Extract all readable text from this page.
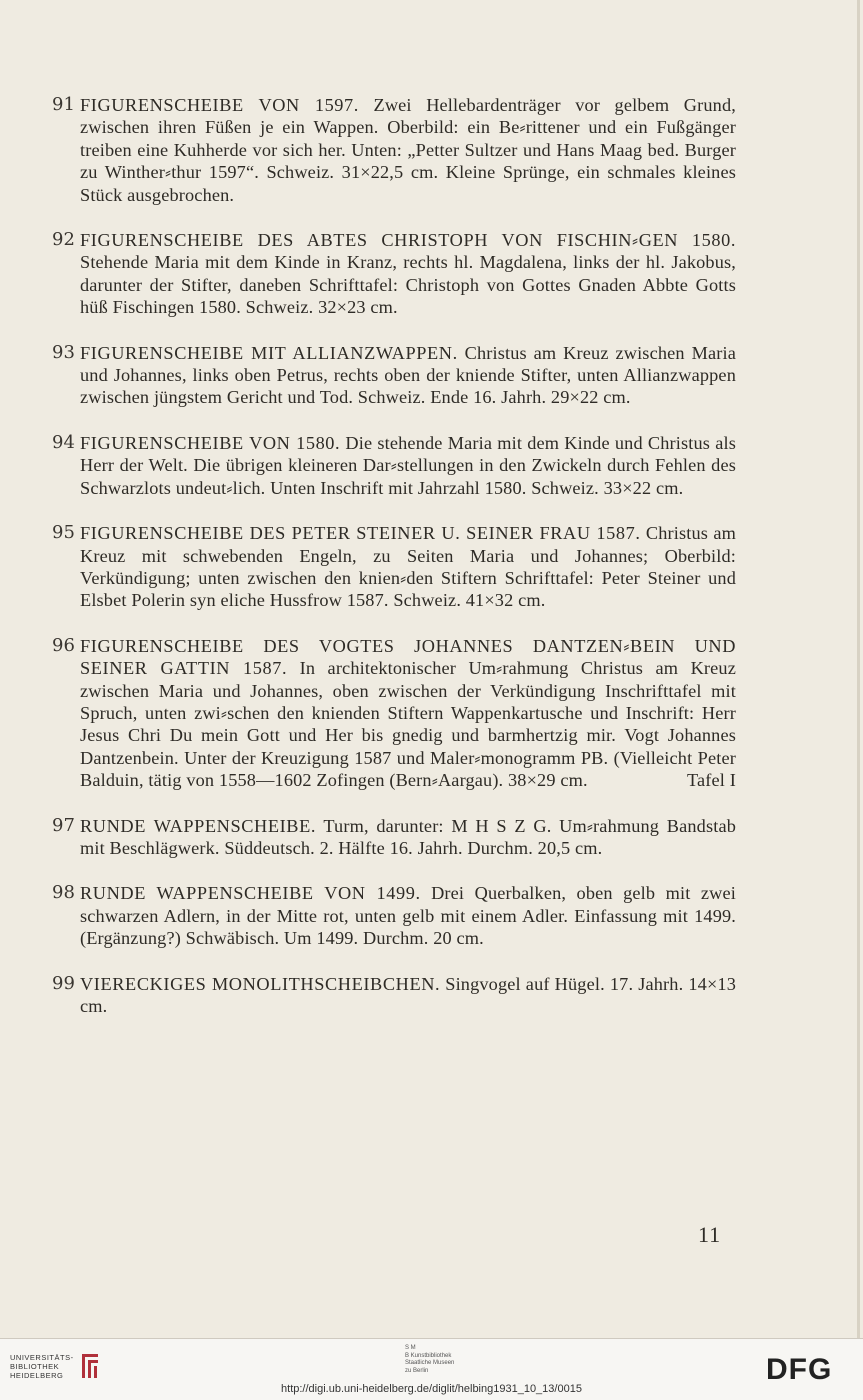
91 FIGURENSCHEIBE VON 1597. Zwei Hellebardenträger vor gelbem Grund, zwischen ihren Füßen je ein Wappen. Oberbild: ein Be⸗rittener und ein Fußgänger treiben eine Kuhherde vor sich her. Unten: „Petter Sultzer und Hans Maag bed. Burger zu Winther⸗thur 1597“. Schweiz. 31×22,5 cm. Kleine Sprünge, ein schmales kleines Stück ausgebrochen.
92 FIGURENSCHEIBE DES ABTES CHRISTOPH VON FISCHIN⸗GEN 1580. Stehende Maria mit dem Kinde in Kranz, rechts hl. Magdalena, links der hl. Jakobus, darunter der Stifter, daneben Schrifttafel: Christoph von Gottes Gnaden Abbte Gotts hüß Fischingen 1580. Schweiz. 32×23 cm.
93 FIGURENSCHEIBE MIT ALLIANZWAPPEN. Christus am Kreuz zwischen Maria und Johannes, links oben Petrus, rechts oben der kniende Stifter, unten Allianzwappen zwischen jüngstem Gericht und Tod. Schweiz. Ende 16. Jahrh. 29×22 cm.
94 FIGURENSCHEIBE VON 1580. Die stehende Maria mit dem Kinde und Christus als Herr der Welt. Die übrigen kleineren Dar⸗stellungen in den Zwickeln durch Fehlen des Schwarzlots undeut⸗lich. Unten Inschrift mit Jahrzahl 1580. Schweiz. 33×22 cm.
95 FIGURENSCHEIBE DES PETER STEINER U. SEINER FRAU 1587. Christus am Kreuz mit schwebenden Engeln, zu Seiten Maria und Johannes; Oberbild: Verkündigung; unten zwischen den knien⸗den Stiftern Schrifttafel: Peter Steiner und Elsbet Polerin syn eliche Hussfrow 1587. Schweiz. 41×32 cm.
96 FIGURENSCHEIBE DES VOGTES JOHANNES DANTZEN⸗BEIN UND SEINER GATTIN 1587. In architektonischer Um⸗rahmung Christus am Kreuz zwischen Maria und Johannes, oben zwischen der Verkündigung Inschrifttafel mit Spruch, unten zwi⸗schen den knienden Stiftern Wappenkartusche und Inschrift: Herr Jesus Chri Du mein Gott und Her bis gnedig und barmhertzig mir. Vogt Johannes Dantzenbein. Unter der Kreuzigung 1587 und Maler⸗monogramm PB. (Vielleicht Peter Balduin, tätig von 1558—1602 Zofingen (Bern⸗Aargau). 38×29 cm.	Tafel I
97 RUNDE WAPPENSCHEIBE. Turm, darunter: M H S Z G. Um⸗rahmung Bandstab mit Beschlägwerk. Süddeutsch. 2. Hälfte 16. Jahrh. Durchm. 20,5 cm.
98 RUNDE WAPPENSCHEIBE VON 1499. Drei Querbalken, oben gelb mit zwei schwarzen Adlern, in der Mitte rot, unten gelb mit einem Adler. Einfassung mit 1499. (Ergänzung?) Schwäbisch. Um 1499. Durchm. 20 cm.
99 VIERECKIGES MONOLITHSCHEIBCHEN. Singvogel auf Hügel. 17. Jahrh. 14×13 cm.
11
UNIVERSITÄTS-
BIBLIOTHEK
HEIDELBERG
S M
B Kunstbibliothek
Staatliche Museen
zu Berlin	DFG
http://digi.ub.uni-heidelberg.de/diglit/helbing1931_10_13/0015
